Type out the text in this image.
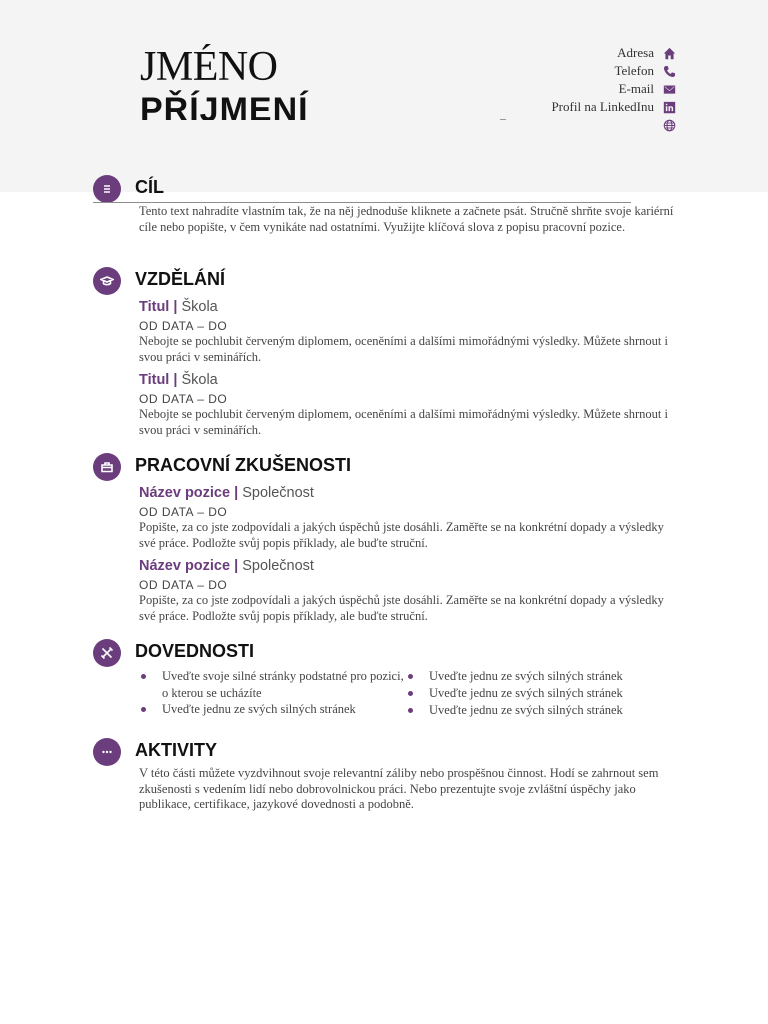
JMÉNO
PŘÍJMENÍ
Adresa
Telefon
E-mail
Profil na LinkedInu
CÍL

Tento text nahradíte vlastním tak, že na něj jednoduše kliknete a začnete psát. Stručně shrňte svoje kariérní cíle nebo popište, v čem vynikáte nad ostatními. Využijte klíčová slova z popisu pracovní pozice.

VZDĚLÁNÍ
Titul | Škola
OD DATA – DO

Nebojte se pochlubit červeným diplomem, oceněními a dalšími mimořádnými výsledky. Můžete shrnout i svou práci v seminářích.

Titul | Škola
OD DATA – DO

Nebojte se pochlubit červeným diplomem, oceněními a dalšími mimořádnými výsledky. Můžete shrnout i svou práci v seminářích.

PRACOVNÍ ZKUŠENOSTI
Název pozice | Společnost
OD DATA – DO

Popište, za co jste zodpovídali a jakých úspěchů jste dosáhli. Zaměřte se na konkrétní dopady a výsledky své práce. Podložte svůj popis příklady, ale buďte struční.

Název pozice | Společnost
OD DATA – DO

Popište, za co jste zodpovídali a jakých úspěchů jste dosáhli. Zaměřte se na konkrétní dopady a výsledky své práce. Podložte svůj popis příklady, ale buďte struční.

DOVEDNOSTI
Uveďte svoje silné stránky podstatné pro pozici, o kterou se ucházíte
Uveďte jednu ze svých silných stránek
Uveďte jednu ze svých silných stránek
Uveďte jednu ze svých silných stránek
Uveďte jednu ze svých silných stránek
AKTIVITY

V této části můžete vyzdvihnout svoje relevantní záliby nebo prospěšnou činnost. Hodí se zahrnout sem zkušenosti s vedením lidí nebo dobrovolnickou práci. Nebo prezentujte svoje zvláštní úspěchy jako publikace, certifikace, jazykové dovednosti a podobně.
